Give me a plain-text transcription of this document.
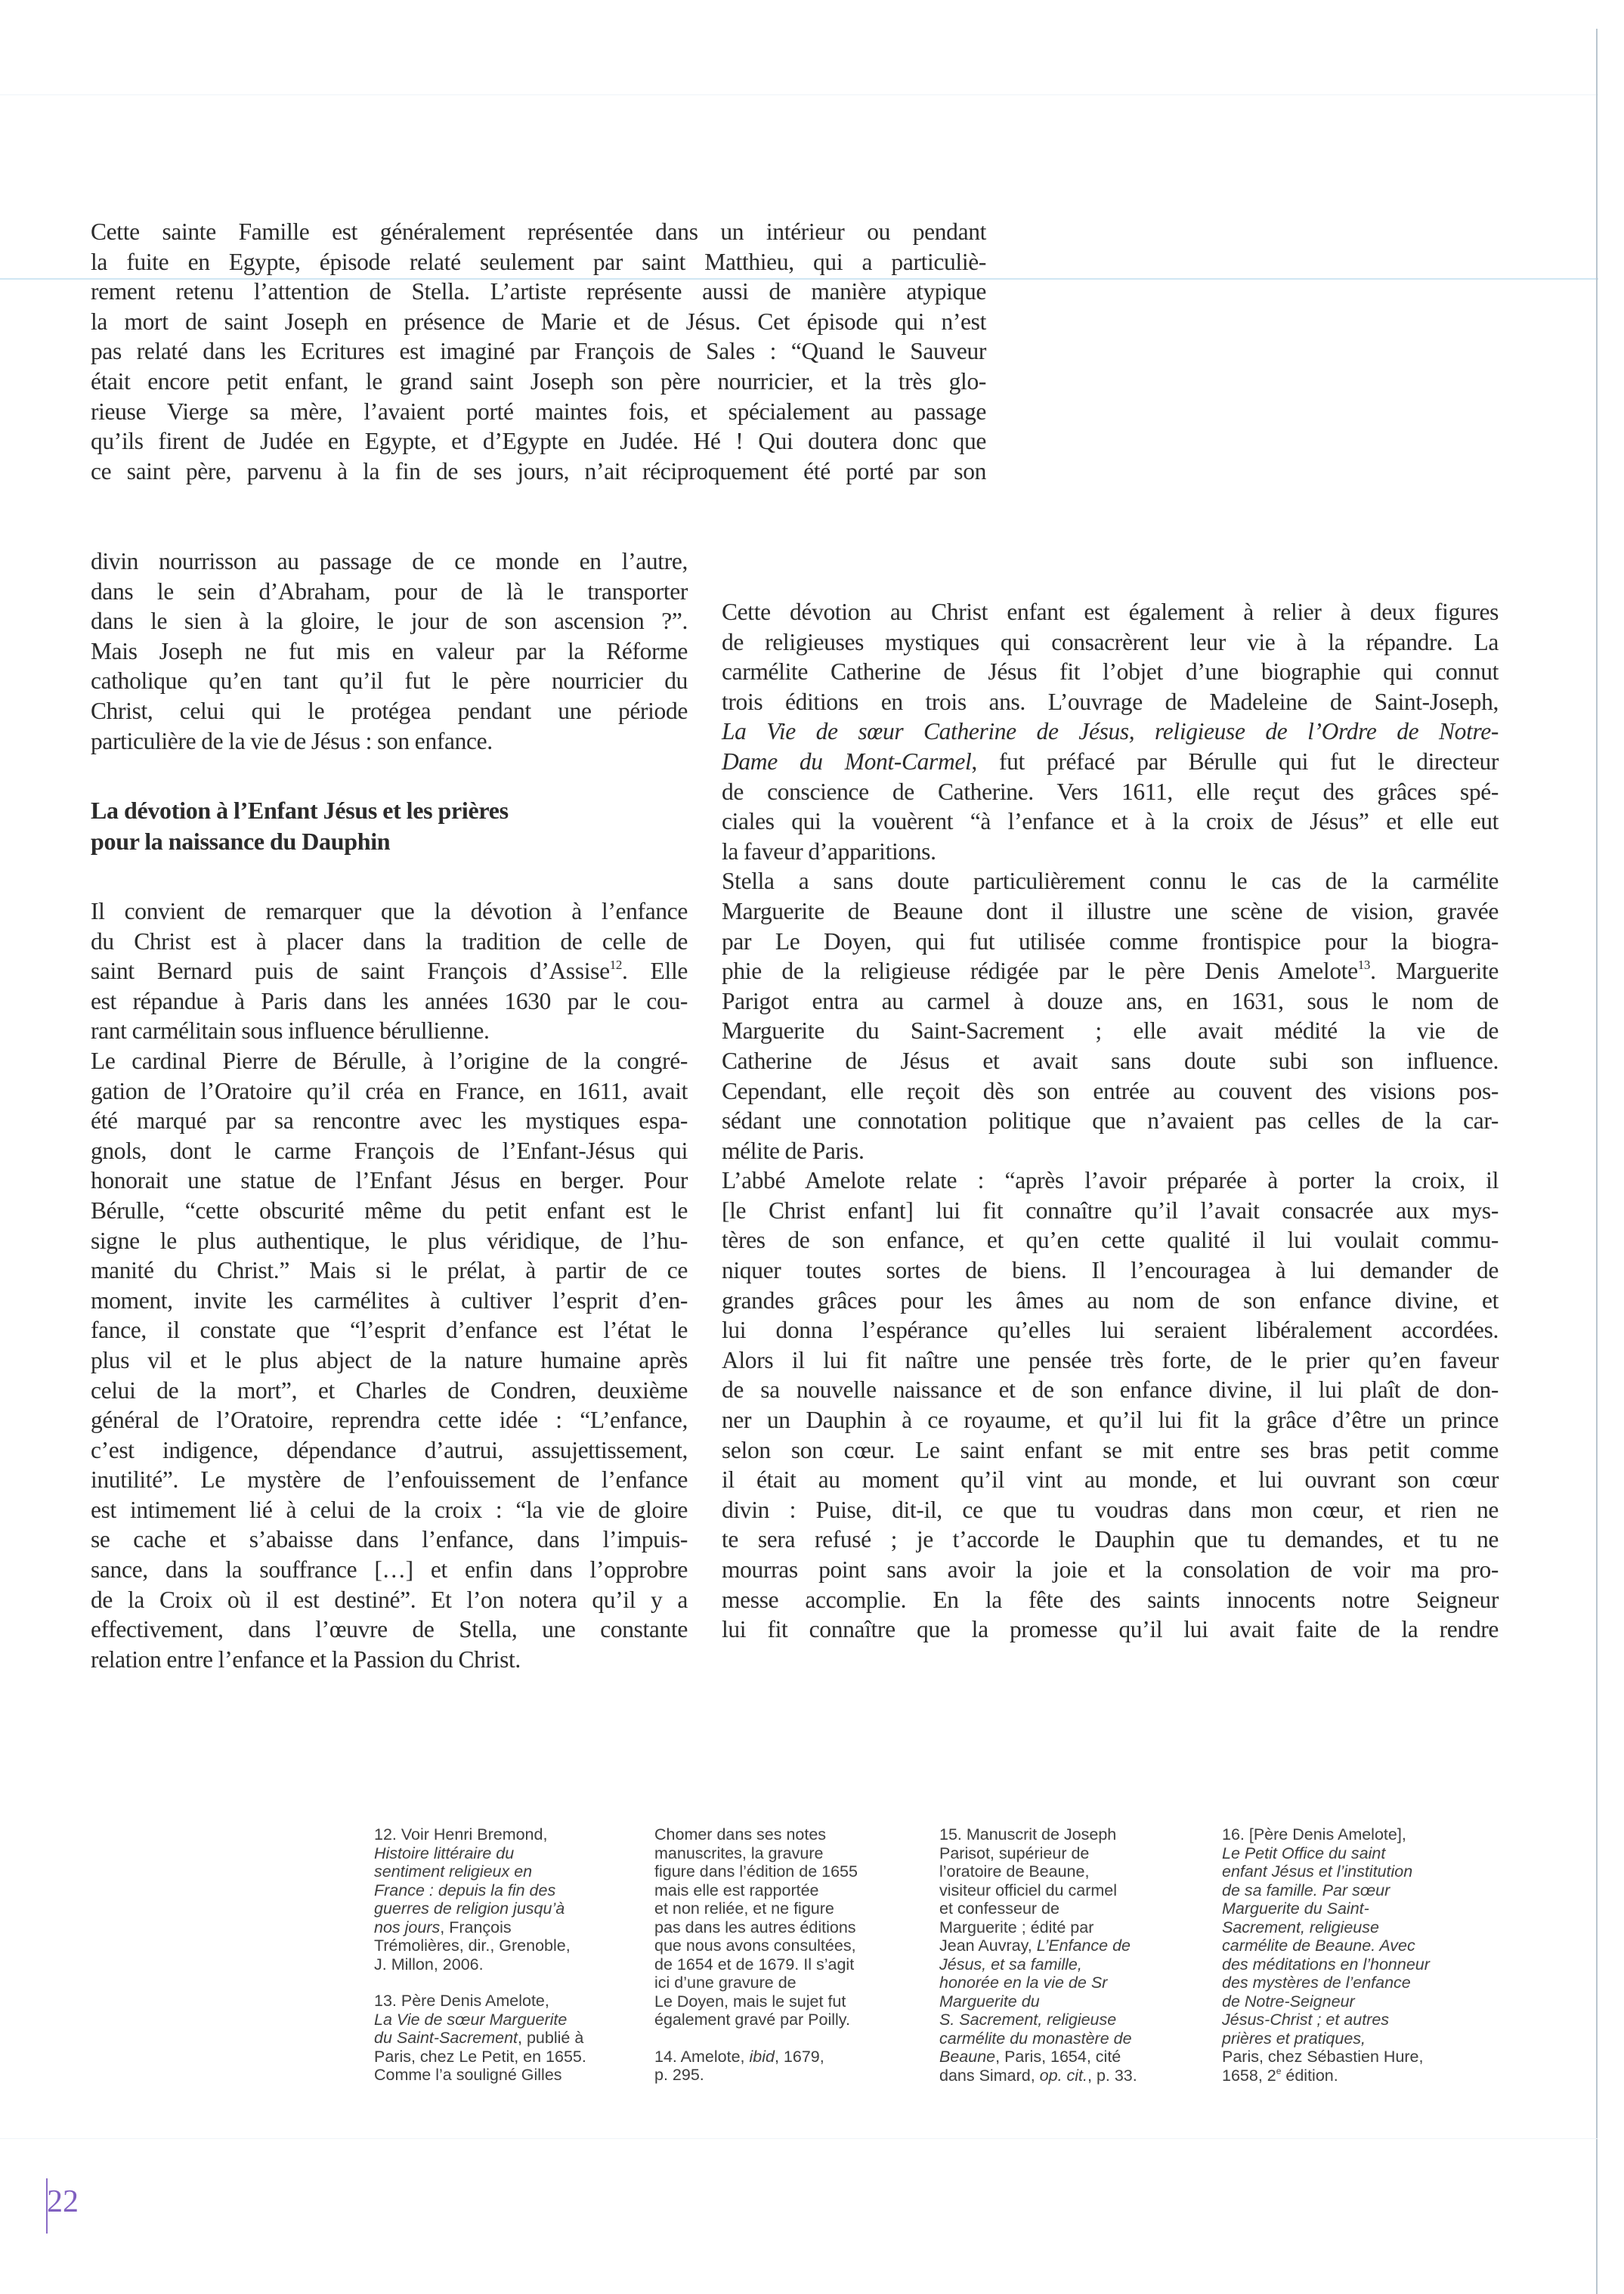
Cette sainte Famille est généralement représentée dans un intérieur ou pendant
la fuite en Egypte, épisode relaté seulement par saint Matthieu, qui a particuliè-
rement retenu l’attention de Stella. L’artiste représente aussi de manière atypique
la mort de saint Joseph en présence de Marie et de Jésus. Cet épisode qui n’est
pas relaté dans les Ecritures est imaginé par François de Sales : “Quand le Sauveur
était encore petit enfant, le grand saint Joseph son père nourricier, et la très glo-
rieuse Vierge sa mère, l’avaient porté maintes fois, et spécialement au passage
qu’ils firent de Judée en Egypte, et d’Egypte en Judée. Hé ! Qui doutera donc que
ce saint père, parvenu à la fin de ses jours, n’ait réciproquement été porté par son
divin nourrisson au passage de ce monde en l’autre,
dans le sein d’Abraham, pour de là le transporter
dans le sien à la gloire, le jour de son ascension ?”.
Mais Joseph ne fut mis en valeur par la Réforme
catholique qu’en tant qu’il fut le père nourricier du
Christ, celui qui le protégea pendant une période
particulière de la vie de Jésus : son enfance.
La dévotion à l’Enfant Jésus et les prières
pour la naissance du Dauphin

Il convient de remarquer que la dévotion à l’enfance
du Christ est à placer dans la tradition de celle de
saint Bernard puis de saint François d’Assise$^{12}$. Elle
est répandue à Paris dans les années 1630 par le cou-
rant carmélitain sous influence bérullienne.

Le cardinal Pierre de Bérulle, à l’origine de la congré-
gation de l’Oratoire qu’il créa en France, en 1611, avait
été marqué par sa rencontre avec les mystiques espa-
gnols, dont le carme François de l’Enfant-Jésus qui
honorait une statue de l’Enfant Jésus en berger. Pour
Bérulle, “cette obscurité même du petit enfant est le
signe le plus authentique, le plus véridique, de l’hu-
manité du Christ.” Mais si le prélat, à partir de ce
moment, invite les carmélites à cultiver l’esprit d’en-
fance, il constate que “l’esprit d’enfance est l’état le
plus vil et le plus abject de la nature humaine après
celui de la mort”, et Charles de Condren, deuxième
général de l’Oratoire, reprendra cette idée : “L’enfance,
c’est indigence, dépendance d’autrui, assujettissement,
inutilité”. Le mystère de l’enfouissement de l’enfance
est intimement lié à celui de la croix : “la vie de gloire
se cache et s’abaisse dans l’enfance, dans l’impuis-
sance, dans la souffrance […] et enfin dans l’opprobre
de la Croix où il est destiné”. Et l’on notera qu’il y a
effectivement, dans l’œuvre de Stella, une constante
relation entre l’enfance et la Passion du Christ.

Cette dévotion au Christ enfant est également à relier à deux figures
de religieuses mystiques qui consacrèrent leur vie à la répandre. La
carmélite Catherine de Jésus fit l’objet d’une biographie qui connut
trois éditions en trois ans. L’ouvrage de Madeleine de Saint-Joseph,
La Vie de sœur Catherine de Jésus, religieuse de l’Ordre de Notre-
Dame du Mont-Carmel, fut préfacé par Bérulle qui fut le directeur
de conscience de Catherine. Vers 1611, elle reçut des grâces spé-
ciales qui la vouèrent “à l’enfance et à la croix de Jésus” et elle eut
la faveur d’apparitions.

Stella a sans doute particulièrement connu le cas de la carmélite
Marguerite de Beaune dont il illustre une scène de vision, gravée
par Le Doyen, qui fut utilisée comme frontispice pour la biogra-
phie de la religieuse rédigée par le père Denis Amelote$^{13}$. Marguerite
Parigot entra au carmel à douze ans, en 1631, sous le nom de
Marguerite du Saint-Sacrement ; elle avait médité la vie de
Catherine de Jésus et avait sans doute subi son influence.
Cependant, elle reçoit dès son entrée au couvent des visions pos-
sédant une connotation politique que n’avaient pas celles de la car-
mélite de Paris.

L’abbé Amelote relate : “après l’avoir préparée à porter la croix, il
[le Christ enfant] lui fit connaître qu’il l’avait consacrée aux mys-
tères de son enfance, et qu’en cette qualité il lui voulait commu-
niquer toutes sortes de biens. Il l’encouragea à lui demander de
grandes grâces pour les âmes au nom de son enfance divine, et
lui donna l’espérance qu’elles lui seraient libéralement accordées.
Alors il lui fit naître une pensée très forte, de le prier qu’en faveur
de sa nouvelle naissance et de son enfance divine, il lui plaît de don-
ner un Dauphin à ce royaume, et qu’il lui fit la grâce d’être un prince
selon son cœur. Le saint enfant se mit entre ses bras petit comme
il était au moment qu’il vint au monde, et lui ouvrant son cœur
divin : Puise, dit-il, ce que tu voudras dans mon cœur, et rien ne
te sera refusé ; je t’accorde le Dauphin que tu demandes, et tu ne
mourras point sans avoir la joie et la consolation de voir ma pro-
messe accomplie. En la fête des saints innocents notre Seigneur
lui fit connaître que la promesse qu’il lui avait faite de la rendre

12. Voir Henri Bremond,
Histoire littéraire du
sentiment religieux en
France : depuis la fin des
guerres de religion jusqu’à
nos jours, François
Trémolières, dir., Grenoble,
J. Millon, 2006.
13. Père Denis Amelote,
La Vie de sœur Marguerite
du Saint-Sacrement, publié à
Paris, chez Le Petit, en 1655.
Comme l’a souligné Gilles
Chomer dans ses notes
manuscrites, la gravure
figure dans l’édition de 1655
mais elle est rapportée
et non reliée, et ne figure
pas dans les autres éditions
que nous avons consultées,
de 1654 et de 1679. Il s’agit
ici d’une gravure de
Le Doyen, mais le sujet fut
également gravé par Poilly.
14. Amelote, ibid, 1679,
p. 295.
15. Manuscrit de Joseph
Parisot, supérieur de
l’oratoire de Beaune,
visiteur officiel du carmel
et confesseur de
Marguerite ; édité par
Jean Auvray, L’Enfance de
Jésus, et sa famille,
honorée en la vie de Sr
Marguerite du
S. Sacrement, religieuse
carmélite du monastère de
Beaune, Paris, 1654, cité
dans Simard, op. cit., p. 33.
16. [Père Denis Amelote],
Le Petit Office du saint
enfant Jésus et l’institution
de sa famille. Par sœur
Marguerite du Saint-
Sacrement, religieuse
carmélite de Beaune. Avec
des méditations en l’honneur
des mystères de l’enfance
de Notre-Seigneur
Jésus-Christ ; et autres
prières et pratiques,
Paris, chez Sébastien Hure,
1658, 2e édition.
22
